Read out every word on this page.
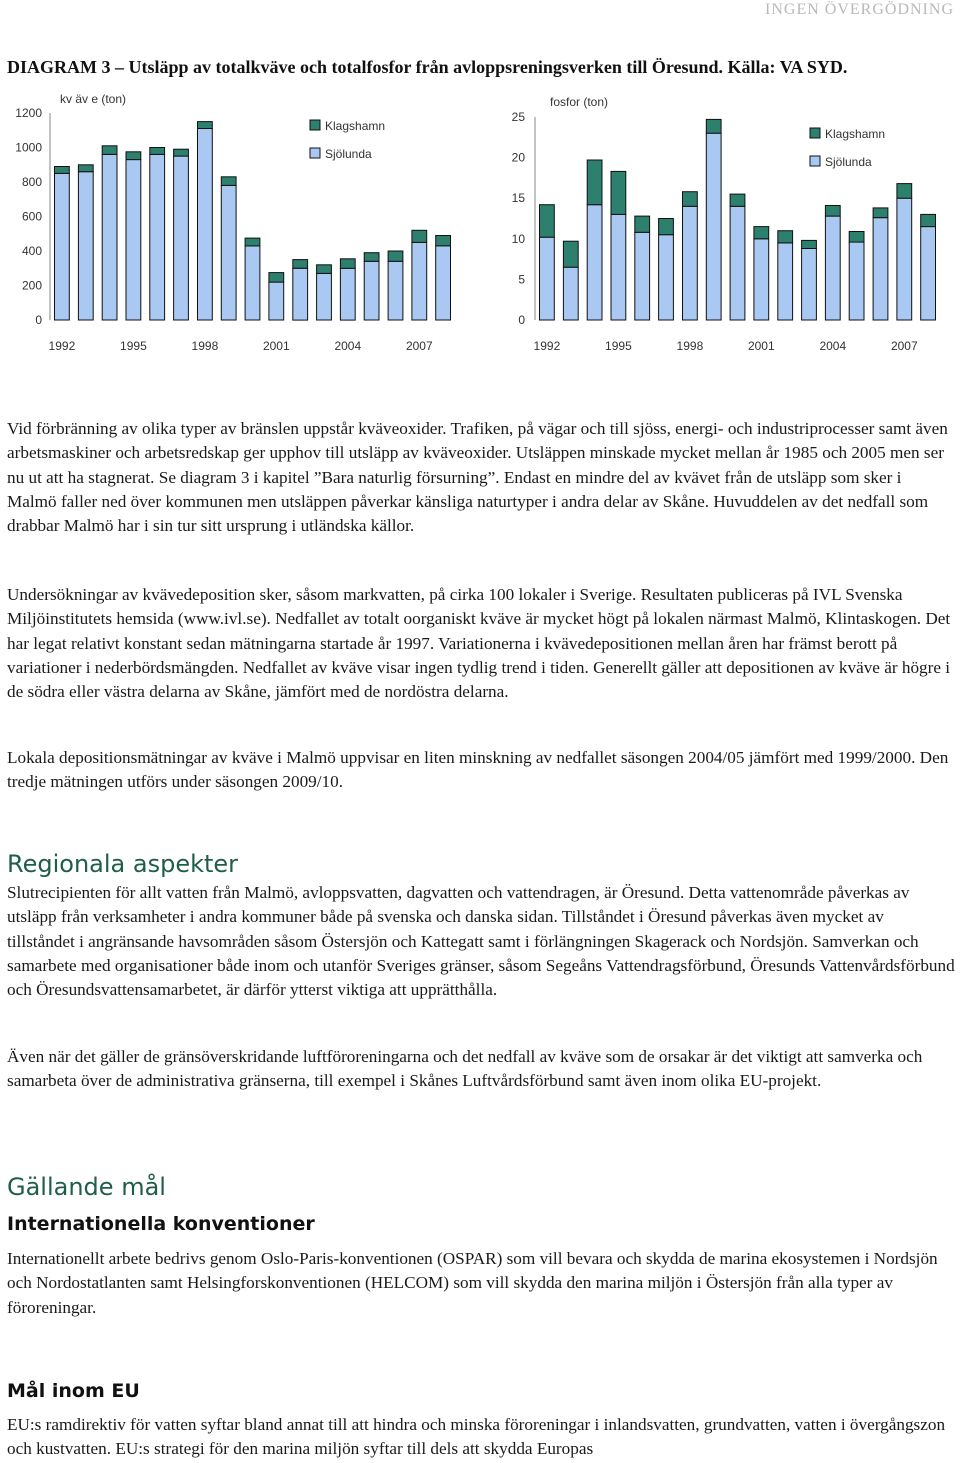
INGEN ÖVERGÖDNING
DIAGRAM 3 – Utsläpp av totalkväve och totalfosfor från avloppsreningsverken till Öresund. Källa: VA SYD.
0
200
400
600
800
1000
1200
kv äv e (ton)
1992	1995	1998	2001	2004	2007
Klagshamn
Sjölunda
0
5
10
15
20
25
fosfor (ton)
1992	1995	1998	2001	2004	2007
Klagshamn
Sjölunda

Vid förbränning av olika typer av bränslen uppstår kväveoxider. Trafiken, på vägar och till sjöss, energi- och industriprocesser samt även arbetsmaskiner och arbetsredskap ger upphov till utsläpp av kväveoxider. Utsläppen minskade mycket mellan år 1985 och 2005 men ser nu ut att ha stagnerat. Se diagram 3 i kapitel ”Bara naturlig försurning”. Endast en mindre del av kvävet från de utsläpp som sker i Malmö faller ned över kommunen men utsläppen påverkar känsliga naturtyper i andra delar av Skåne. Huvuddelen av det nedfall som drabbar Malmö har i sin tur sitt ursprung i utländska källor.

Undersökningar av kvävedeposition sker, såsom markvatten, på cirka 100 lokaler i Sverige. Resultaten publiceras på IVL Svenska Miljöinstitutets hemsida (www.ivl.se). Nedfallet av totalt oorganiskt kväve är mycket högt på lokalen närmast Malmö, Klintaskogen. Det har legat relativt konstant sedan mätningarna startade år 1997. Variationerna i kvävedepositionen mellan åren har främst berott på variationer i nederbördsmängden. Nedfallet av kväve visar ingen tydlig trend i tiden. Generellt gäller att depositionen av kväve är högre i de södra eller västra delarna av Skåne, jämfört med de nordöstra delarna.

Lokala depositionsmätningar av kväve i Malmö uppvisar en liten minskning av nedfallet säsongen 2004/05 jämfört med 1999/2000. Den tredje mätningen utförs under säsongen 2009/10.

Regionala aspekter

Slutrecipienten för allt vatten från Malmö, avloppsvatten, dagvatten och vattendragen, är Öresund. Detta vattenområde påverkas av utsläpp från verksamheter i andra kommuner både på svenska och danska sidan. Tillståndet i Öresund påverkas även mycket av tillståndet i angränsande havsområden såsom Östersjön och Kattegatt samt i förlängningen Skagerack och Nordsjön. Samverkan och samarbete med organisationer både inom och utanför Sveriges gränser, såsom Segeåns Vattendragsförbund, Öresunds Vattenvårdsförbund och Öresundsvattensamarbetet, är därför ytterst viktiga att upprätthålla.

Även när det gäller de gränsöverskridande luftföroreningarna och det nedfall av kväve som de orsakar är det viktigt att samverka och samarbeta över de administrativa gränserna, till exempel i Skånes Luftvårdsförbund samt även inom olika EU-projekt.

Gällande mål
Internationella konventioner

Internationellt arbete bedrivs genom Oslo-Paris-konventionen (OSPAR) som vill bevara och skydda de marina ekosystemen i Nordsjön och Nordostatlanten samt Helsingforskonventionen (HELCOM) som vill skydda den marina miljön i Östersjön från alla typer av föroreningar.

Mål inom EU

EU:s ramdirektiv för vatten syftar bland annat till att hindra och minska föroreningar i inlandsvatten, grundvatten, vatten i övergångszon och kustvatten. EU:s strategi för den marina miljön syftar till dels att skydda Europas
